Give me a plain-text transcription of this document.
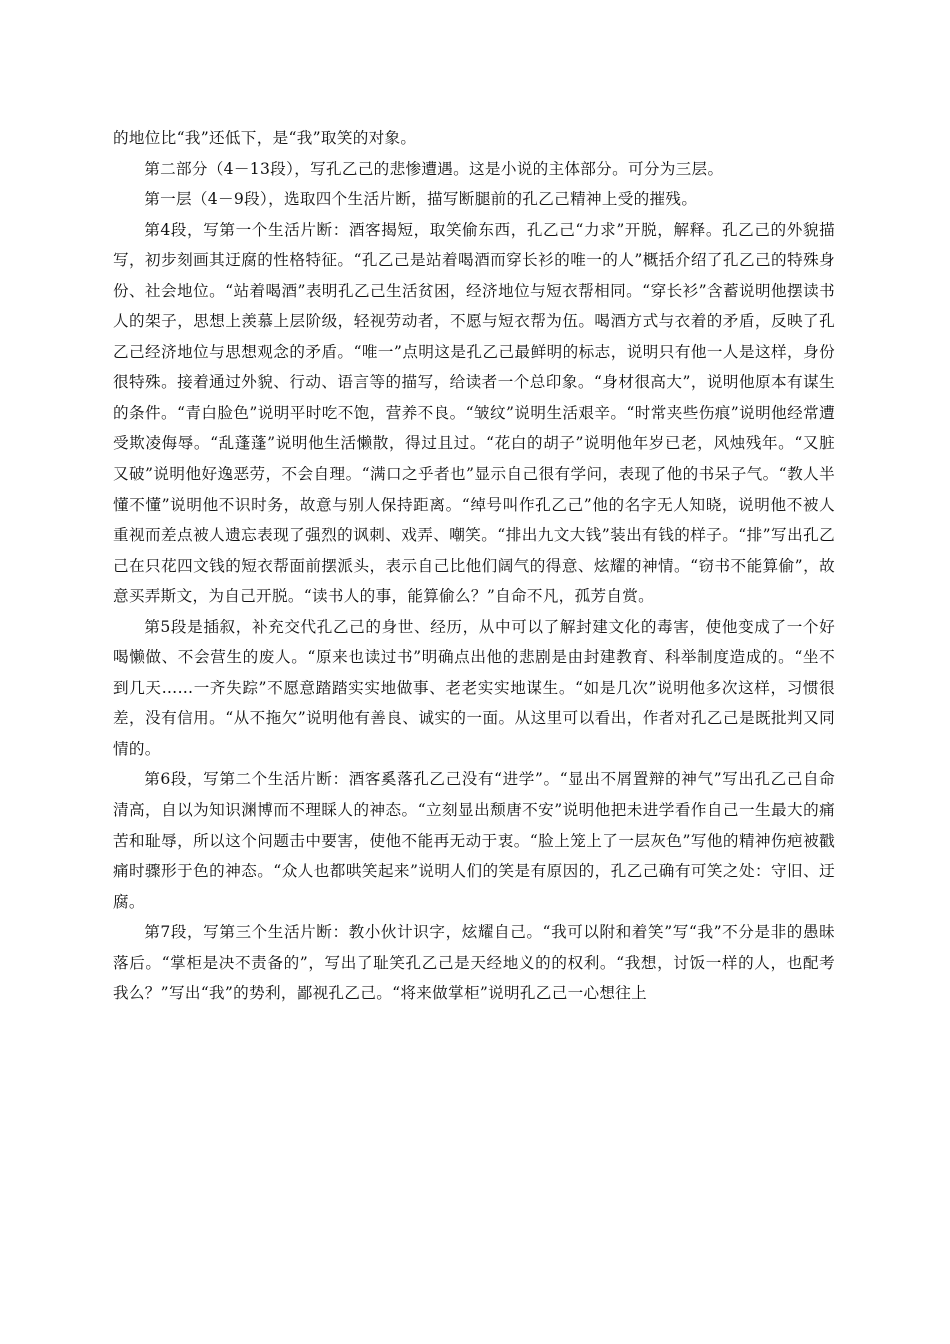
的地位比“我”还低下，是“我”取笑的对象。

第二部分（4－13段），写孔乙己的悲惨遭遇。这是小说的主体部分。可分为三层。

第一层（4－9段），选取四个生活片断，描写断腿前的孔乙己精神上受的摧残。

第4段，写第一个生活片断：酒客揭短，取笑偷东西，孔乙己“力求”开脱，解释。孔乙己的外貌描写，初步刻画其迂腐的性格特征。“孔乙己是站着喝酒而穿长衫的唯一的人”概括介绍了孔乙己的特殊身份、社会地位。“站着喝酒”表明孔乙己生活贫困，经济地位与短衣帮相同。“穿长衫”含蓄说明他摆读书人的架子，思想上羡慕上层阶级，轻视劳动者，不愿与短衣帮为伍。喝酒方式与衣着的矛盾，反映了孔乙己经济地位与思想观念的矛盾。“唯一”点明这是孔乙己最鲜明的标志，说明只有他一人是这样，身份很特殊。接着通过外貌、行动、语言等的描写，给读者一个总印象。“身材很高大”，说明他原本有谋生的条件。“青白脸色”说明平时吃不饱，营养不良。“皱纹”说明生活艰辛。“时常夹些伤痕”说明他经常遭受欺凌侮辱。“乱蓬蓬”说明他生活懒散，得过且过。“花白的胡子”说明他年岁已老，风烛残年。“又脏又破”说明他好逸恶劳，不会自理。“满口之乎者也”显示自己很有学问，表现了他的书呆子气。“教人半懂不懂”说明他不识时务，故意与别人保持距离。“绰号叫作孔乙己”他的名字无人知晓，说明他不被人重视而差点被人遗忘表现了强烈的讽刺、戏弄、嘲笑。“排出九文大钱”装出有钱的样子。“排”写出孔乙己在只花四文钱的短衣帮面前摆派头，表示自己比他们阔气的得意、炫耀的神情。“窃书不能算偷”，故意买弄斯文，为自己开脱。“读书人的事，能算偷么？”自命不凡，孤芳自赏。

第5段是插叙，补充交代孔乙己的身世、经历，从中可以了解封建文化的毒害，使他变成了一个好喝懒做、不会营生的废人。“原来也读过书”明确点出他的悲剧是由封建教育、科举制度造成的。“坐不到几天……一齐失踪”不愿意踏踏实实地做事、老老实实地谋生。“如是几次”说明他多次这样，习惯很差，没有信用。“从不拖欠”说明他有善良、诚实的一面。从这里可以看出，作者对孔乙己是既批判又同情的。

第6段，写第二个生活片断：酒客奚落孔乙己没有“进学”。“显出不屑置辩的神气”写出孔乙己自命清高，自以为知识渊博而不理睬人的神态。“立刻显出颓唐不安”说明他把未进学看作自己一生最大的痛苦和耻辱，所以这个问题击中要害，使他不能再无动于衷。“脸上笼上了一层灰色”写他的精神伤疤被戳痛时骤形于色的神态。“众人也都哄笑起来”说明人们的笑是有原因的，孔乙己确有可笑之处：守旧、迂腐。

第7段，写第三个生活片断：教小伙计识字，炫耀自己。“我可以附和着笑”写“我”不分是非的愚昧落后。“掌柜是决不责备的”，写出了耻笑孔乙己是天经地义的的权利。“我想，讨饭一样的人，也配考我么？”写出“我”的势利，鄙视孔乙己。“将来做掌柜”说明孔乙己一心想往上
